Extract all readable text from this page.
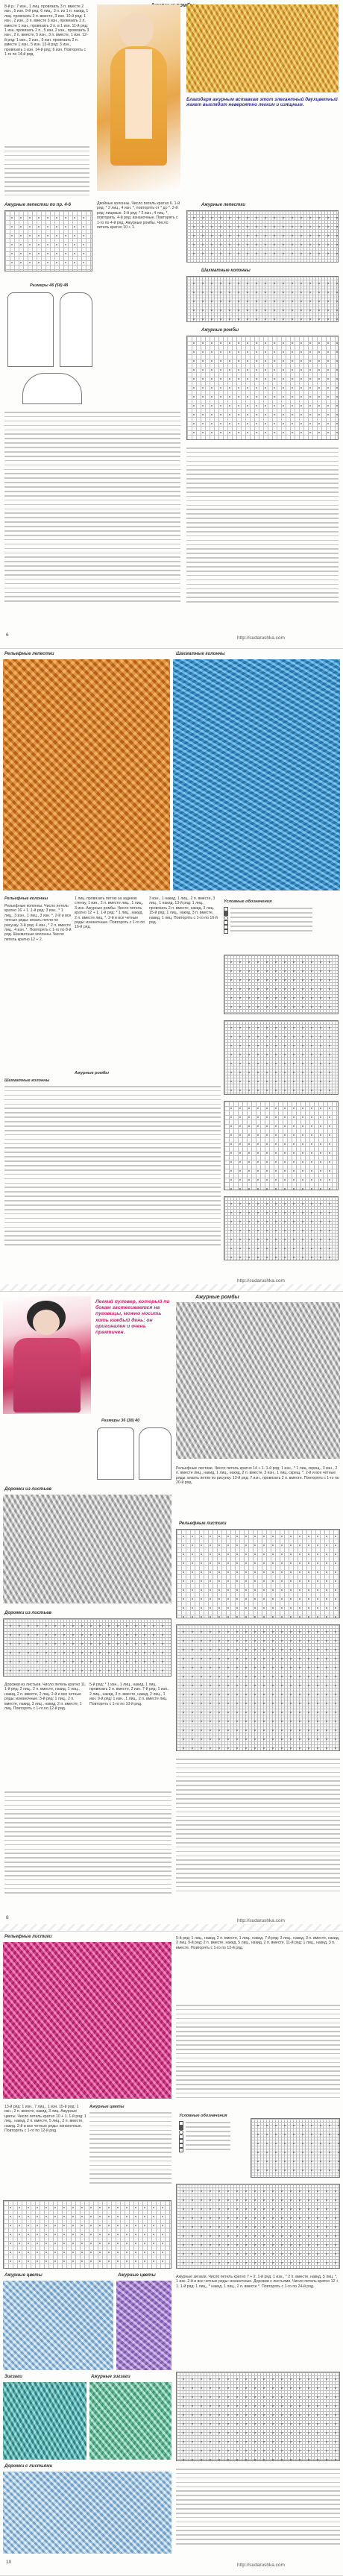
ромбы
8-й р.: 7 изн., 1 лиц. провязать 3 п. вместе 2 изн., 5 изн. 9-й ряд: 6 лиц., 3 п. из 1 п. накид, 1 лиц. провязать 3 п. вместе, 3 изн. 10-й ряд: 1 изн., 2 изн., 3 п. вместе 3 изн., провязать 2 п. вместе 1 изн., провязать 3 п. в 1 изн. 11-й ряд: 1 изн. провязать 2 п., 5 изн. 2 изн., провязать 3 изн., 2 п. вместе, 5 изн., 3 п. вместе, 1 изн. 12-й ряд: 1 изн., 2 изн., 5 изн. провязать 2 п. вместе 1 изн., 5 изн. 13-й ряд: 3 изн., провязать 1 изн. 14-й ряд: 6 изн. Повторять с 1-го по 14-й ряд.
Благодаря ажурным вставкам этот элегантный двухцветный жакет выглядит невероятно легким и изящным.
Ажурные лепестки по пр. 4-6	Ажурные лепестки
Шахматные колонны
Двойные колонны. Число петель кратно 6. 1-й ряд: * 2 лиц., 4 изн. *, повторять от * до *. 2-й ряд: лицевые. 3-й ряд: * 2 изн., 4 лиц. *, повторять. 4-й ряд: изнаночные. Повторять с 1-го по 4-й ряд. Ажурные ромбы. Число петель кратно 10 + 1.
Ажурные ромбы
Размеры 46 (50) 48
6
http://sudarushka.com
Рельефные лепестки	Шахматные колонны
Рельефные колонны
Рельефные колонны. Число петель кратно 16 + 1. 1-й ряд: 3 изн., * 1 лиц., 3 изн., 1 лиц., 3 изн. *, 2-й и все четные ряды: вязать петли по рисунку. 3-й ряд: 4 изн., * 2 п. вместе лиц., 4 изн. *. Повторять с 1-го по 8-й ряд. Шахматные колонны. Число петель кратно 12 + 2.
1 лиц. провязать петлю за заднюю стенку, 1 изн., 2 п. вместе лиц., 1 лиц., 3 изн. Ажурные ромбы. Число петель кратно 12 + 1. 1-й ряд: * 1 лиц., накид, 2 п. вместе лиц. *. 2-й и все четные ряды: изнаночные. Повторять с 1-го по 16-й ряд.
Ажурные ромбы
3 изн., 1 накид, 1 лиц., 2 п. вместе, 3 лиц., 1 накид. 13-й ряд: 1 лиц., провязать 2 п. вместе, накид, 3 лиц. 15-й ряд: 1 лиц., накид, 3 п. вместе, накид, 1 лиц. Повторять с 1-го по 16-й ряд.
Шахматные колонны
Условные обозначения
http://sudarushka.com
Легкий пуловер, который по бокам застегивается на пуговицы, можно носить хоть каждый день: он оригинален и очень практичен.
Ажурные ромбы
Размеры 36 (38) 40
Дорожки из листьев
Рельефные листики. Число петель кратно 14 + 1. 1-й ряд: 1 изн., * 1 лиц. скрещ., 3 изн., 2 п. вместе лиц., накид, 1 лиц., накид, 2 п. вместе, 3 изн., 1 лиц. скрещ. *. 2-й и все четные ряды: вязать петли по рисунку. 13-й ряд: 7 изн., провязать 2 п. вместе. Повторять с 1-го по 20-й ряд.
Рельефные листики
Дорожки из листьев
Дорожки из листьев. Число петель кратно 11. 1-й ряд: 2 лиц., 2 п. вместе, накид, 1 лиц., накид, 2 п. вместе, 2 лиц. 2-й и все четные ряды: изнаночные. 3-й ряд: 1 лиц., 2 п. вместе, накид, 3 лиц., накид, 2 п. вместе, 1 лиц. Повторять с 1-го по 12-й ряд.
5-й ряд: * 1 изн., 1 лиц., накид, 1 лиц. провязать 2 п. вместе, 2 изн. 7-й ряд: 1 изн., 2 лиц., накид, 3 п. вместе, накид, 2 лиц., 1 изн. 9-й ряд: 1 изн., 1 лиц., 2 п. вместе лиц. Повторять с 1-го по 10-й ряд.
8
http://sudarushka.com
Рельефные листики	5-й ряд: 1 лиц., накид, 2 п. вместе, 1 лиц., накид. 7-й ряд: 3 лиц., накид, 3 п. вместе, накид, 3 лиц. 9-й ряд: 2 п. вместе, накид, 5 лиц., накид, 2 п. вместе. 11-й ряд: 1 лиц., накид, 3 п. вместе. Повторять с 1-го по 12-й ряд.
13-й ряд: 1 изн., 7 лиц., 1 изн. 15-й ряд: 1 изн., 2 п. вместе, накид, 3 лиц. Ажурные цветы. Число петель кратно 10 + 1. 1-й ряд: 1 лиц., накид, 2 п. вместе, 5 лиц., 2 п. вместе, накид. 2-й и все четные ряды: изнаночные. Повторять с 1-го по 12-й ряд.
Ажурные цветы
Условные обозначения
Ажурные цветы	Ажурные цветы	Ажурные зигзаги. Число петель кратно 7 + 2. 1-й ряд: 1 изн., * 2 п. вместе, накид, 5 лиц. *, 1 изн. 2-й и все четные ряды: изнаночные. Дорожки с листьями. Число петель кратно 12 + 1. 1-й ряд: 1 лиц., * накид, 1 лиц., 2 п. вместе *. Повторять с 1-го по 24-й ряд.
Зигзаги	Ажурные зигзаги
Дорожки с листьями
10
http://sudarushka.com
